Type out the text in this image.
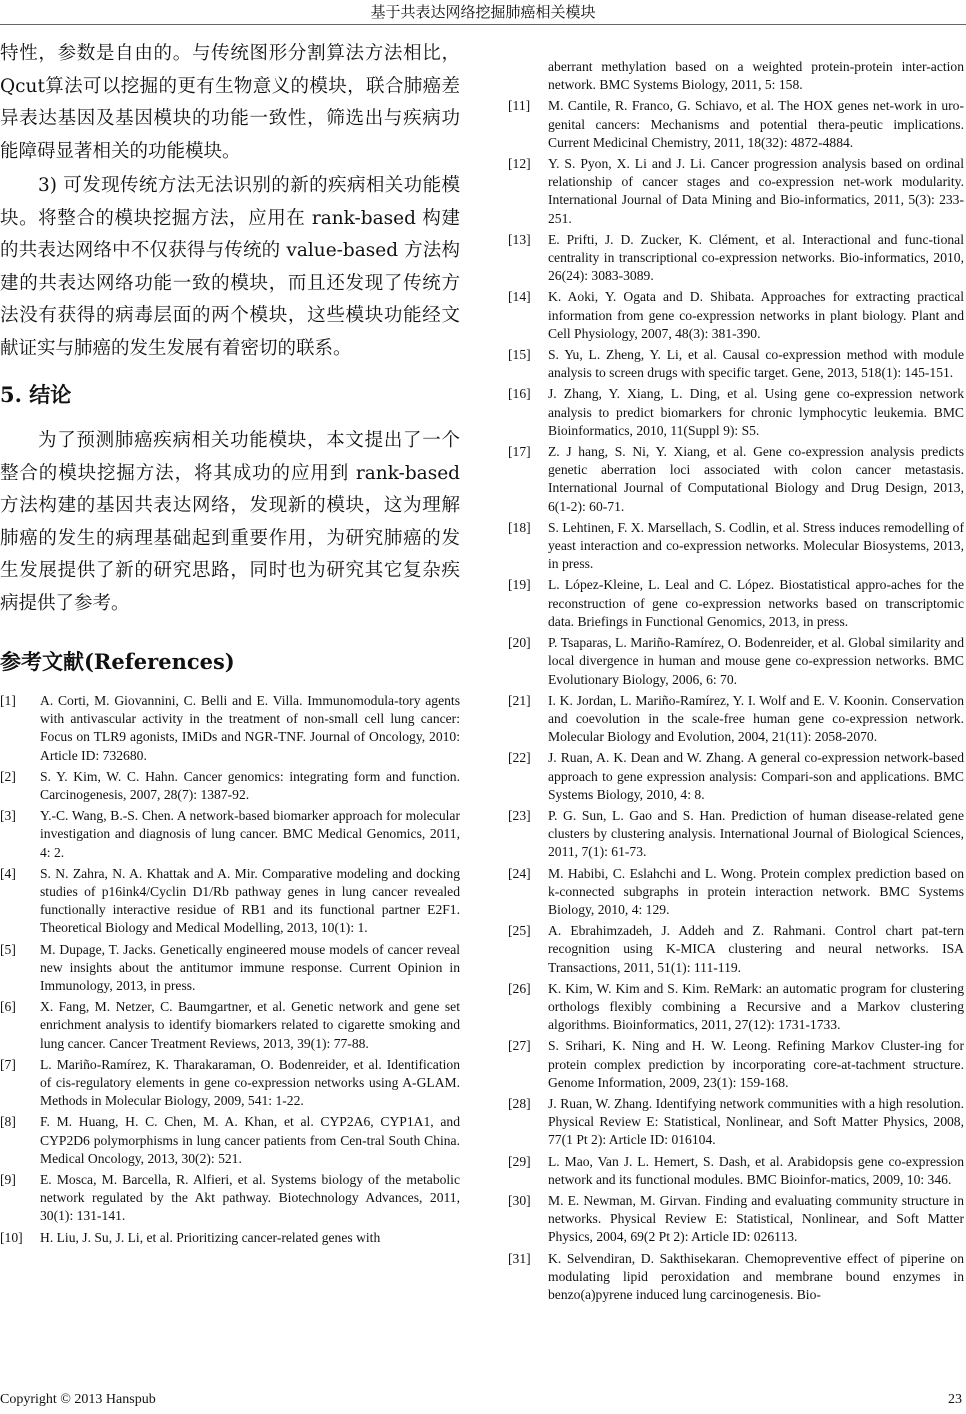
基于共表达网络挖掘肺癌相关模块

特性，参数是自由的。与传统图形分割算法方法相比，Qcut算法可以挖掘的更有生物意义的模块，联合肺癌差异表达基因及基因模块的功能一致性，筛选出与疾病功能障碍显著相关的功能模块。

3) 可发现传统方法无法识别的新的疾病相关功能模块。将整合的模块挖掘方法，应用在 rank-based 构建的共表达网络中不仅获得与传统的 value-based 方法构建的共表达网络功能一致的模块，而且还发现了传统方法没有获得的病毒层面的两个模块，这些模块功能经文献证实与肺癌的发生发展有着密切的联系。

5. 结论

为了预测肺癌疾病相关功能模块，本文提出了一个整合的模块挖掘方法，将其成功的应用到 rank-based 方法构建的基因共表达网络，发现新的模块，这为理解肺癌的发生的病理基础起到重要作用，为研究肺癌的发生发展提供了新的研究思路，同时也为研究其它复杂疾病提供了参考。

参考文献(References)
[1]	A. Corti, M. Giovannini, C. Belli and E. Villa. Immunomodula-tory agents with antivascular activity in the treatment of non-small cell lung cancer: Focus on TLR9 agonists, IMiDs and NGR-TNF. Journal of Oncology, 2010: Article ID: 732680.
[2]	S. Y. Kim, W. C. Hahn. Cancer genomics: integrating form and function. Carcinogenesis, 2007, 28(7): 1387-92.
[3]	Y.-C. Wang, B.-S. Chen. A network-based biomarker approach for molecular investigation and diagnosis of lung cancer. BMC Medical Genomics, 2011, 4: 2.
[4]	S. N. Zahra, N. A. Khattak and A. Mir. Comparative modeling and docking studies of p16ink4/Cyclin D1/Rb pathway genes in lung cancer revealed functionally interactive residue of RB1 and its functional partner E2F1. Theoretical Biology and Medical Modelling, 2013, 10(1): 1.
[5]	M. Dupage, T. Jacks. Genetically engineered mouse models of cancer reveal new insights about the antitumor immune response. Current Opinion in Immunology, 2013, in press.
[6]	X. Fang, M. Netzer, C. Baumgartner, et al. Genetic network and gene set enrichment analysis to identify biomarkers related to cigarette smoking and lung cancer. Cancer Treatment Reviews, 2013, 39(1): 77-88.
[7]	L. Mariño-Ramírez, K. Tharakaraman, O. Bodenreider, et al. Identification of cis-regulatory elements in gene co-expression networks using A-GLAM. Methods in Molecular Biology, 2009, 541: 1-22.
[8]	F. M. Huang, H. C. Chen, M. A. Khan, et al. CYP2A6, CYP1A1, and CYP2D6 polymorphisms in lung cancer patients from Cen-tral South China. Medical Oncology, 2013, 30(2): 521.
[9]	E. Mosca, M. Barcella, R. Alfieri, et al. Systems biology of the metabolic network regulated by the Akt pathway. Biotechnology Advances, 2011, 30(1): 131-141.
[10]	H. Liu, J. Su, J. Li, et al. Prioritizing cancer-related genes with
aberrant methylation based on a weighted protein-protein inter-action network. BMC Systems Biology, 2011, 5: 158.
[11]	M. Cantile, R. Franco, G. Schiavo, et al. The HOX genes net-work in uro-genital cancers: Mechanisms and potential thera-peutic implications. Current Medicinal Chemistry, 2011, 18(32): 4872-4884.
[12]	Y. S. Pyon, X. Li and J. Li. Cancer progression analysis based on ordinal relationship of cancer stages and co-expression net-work modularity. International Journal of Data Mining and Bio-informatics, 2011, 5(3): 233-251.
[13]	E. Prifti, J. D. Zucker, K. Clément, et al. Interactional and func-tional centrality in transcriptional co-expression networks. Bio-informatics, 2010, 26(24): 3083-3089.
[14]	K. Aoki, Y. Ogata and D. Shibata. Approaches for extracting practical information from gene co-expression networks in plant biology. Plant and Cell Physiology, 2007, 48(3): 381-390.
[15]	S. Yu, L. Zheng, Y. Li, et al. Causal co-expression method with module analysis to screen drugs with specific target. Gene, 2013, 518(1): 145-151.
[16]	J. Zhang, Y. Xiang, L. Ding, et al. Using gene co-expression network analysis to predict biomarkers for chronic lymphocytic leukemia. BMC Bioinformatics, 2010, 11(Suppl 9): S5.
[17]	Z. J hang, S. Ni, Y. Xiang, et al. Gene co-expression analysis predicts genetic aberration loci associated with colon cancer metastasis. International Journal of Computational Biology and Drug Design, 2013, 6(1-2): 60-71.
[18]	S. Lehtinen, F. X. Marsellach, S. Codlin, et al. Stress induces remodelling of yeast interaction and co-expression networks. Molecular Biosystems, 2013, in press.
[19]	L. López-Kleine, L. Leal and C. López. Biostatistical appro-aches for the reconstruction of gene co-expression networks based on transcriptomic data. Briefings in Functional Genomics, 2013, in press.
[20]	P. Tsaparas, L. Mariño-Ramírez, O. Bodenreider, et al. Global similarity and local divergence in human and mouse gene co-expression networks. BMC Evolutionary Biology, 2006, 6: 70.
[21]	I. K. Jordan, L. Mariño-Ramírez, Y. I. Wolf and E. V. Koonin. Conservation and coevolution in the scale-free human gene co-expression network. Molecular Biology and Evolution, 2004, 21(11): 2058-2070.
[22]	J. Ruan, A. K. Dean and W. Zhang. A general co-expression network-based approach to gene expression analysis: Compari-son and applications. BMC Systems Biology, 2010, 4: 8.
[23]	P. G. Sun, L. Gao and S. Han. Prediction of human disease-related gene clusters by clustering analysis. International Journal of Biological Sciences, 2011, 7(1): 61-73.
[24]	M. Habibi, C. Eslahchi and L. Wong. Protein complex prediction based on k-connected subgraphs in protein interaction network. BMC Systems Biology, 2010, 4: 129.
[25]	A. Ebrahimzadeh, J. Addeh and Z. Rahmani. Control chart pat-tern recognition using K-MICA clustering and neural networks. ISA Transactions, 2011, 51(1): 111-119.
[26]	K. Kim, W. Kim and S. Kim. ReMark: an automatic program for clustering orthologs flexibly combining a Recursive and a Markov clustering algorithms. Bioinformatics, 2011, 27(12): 1731-1733.
[27]	S. Srihari, K. Ning and H. W. Leong. Refining Markov Cluster-ing for protein complex prediction by incorporating core-at-tachment structure. Genome Information, 2009, 23(1): 159-168.
[28]	J. Ruan, W. Zhang. Identifying network communities with a high resolution. Physical Review E: Statistical, Nonlinear, and Soft Matter Physics, 2008, 77(1 Pt 2): Article ID: 016104.
[29]	L. Mao, Van J. L. Hemert, S. Dash, et al. Arabidopsis gene co-expression network and its functional modules. BMC Bioinfor-matics, 2009, 10: 346.
[30]	M. E. Newman, M. Girvan. Finding and evaluating community structure in networks. Physical Review E: Statistical, Nonlinear, and Soft Matter Physics, 2004, 69(2 Pt 2): Article ID: 026113.
[31]	K. Selvendiran, D. Sakthisekaran. Chemopreventive effect of piperine on modulating lipid peroxidation and membrane bound enzymes in benzo(a)pyrene induced lung carcinogenesis. Bio-
Copyright © 2013 Hanspub	23
